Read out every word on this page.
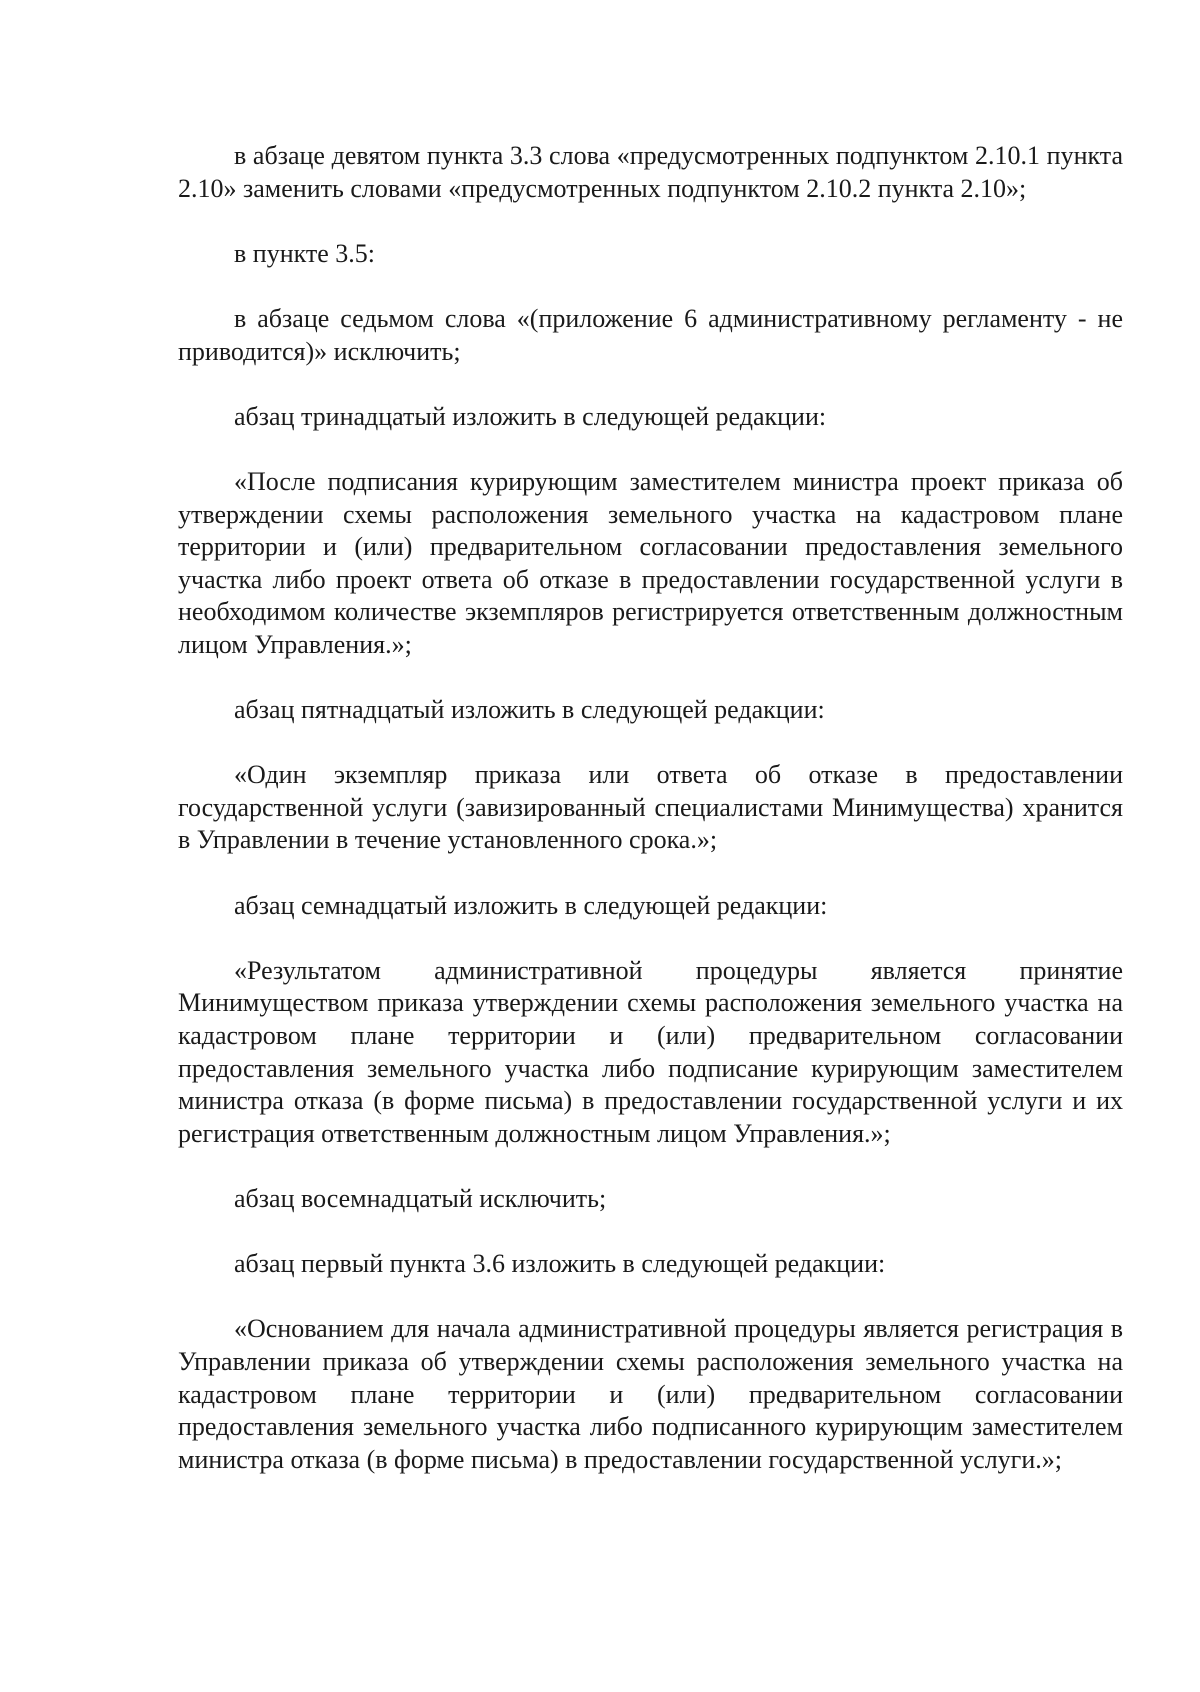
в абзаце девятом пункта 3.3 слова «предусмотренных подпунктом 2.10.1 пункта 2.10» заменить словами «предусмотренных подпунктом 2.10.2 пункта 2.10»;

в пункте 3.5:

в абзаце седьмом слова «(приложение 6 административному регламенту - не приводится)» исключить;

абзац тринадцатый изложить в следующей редакции:

«После подписания курирующим заместителем министра проект приказа об утверждении схемы расположения земельного участка на кадастровом плане территории и (или) предварительном согласовании предоставления земельного участка либо проект ответа об отказе в предоставлении государственной услуги в необходимом количестве экземпляров регистрируется ответственным должностным лицом Управления.»;

абзац пятнадцатый изложить в следующей редакции:

«Один экземпляр приказа или ответа об отказе в предоставлении государственной услуги (завизированный специалистами Минимущества) хранится в Управлении в течение установленного срока.»;

абзац семнадцатый изложить в следующей редакции:

«Результатом административной процедуры является принятие Минимуществом приказа утверждении схемы расположения земельного участка на кадастровом плане территории и (или) предварительном согласовании предоставления земельного участка либо подписание курирующим заместителем министра отказа (в форме письма) в предоставлении государственной услуги и их регистрация ответственным должностным лицом Управления.»;

абзац восемнадцатый исключить;

абзац первый пункта 3.6 изложить в следующей редакции:

«Основанием для начала административной процедуры является регистрация в Управлении приказа об утверждении схемы расположения земельного участка на кадастровом плане территории и (или) предварительном согласовании предоставления земельного участка либо подписанного курирующим заместителем министра отказа (в форме письма) в предоставлении государственной услуги.»;
